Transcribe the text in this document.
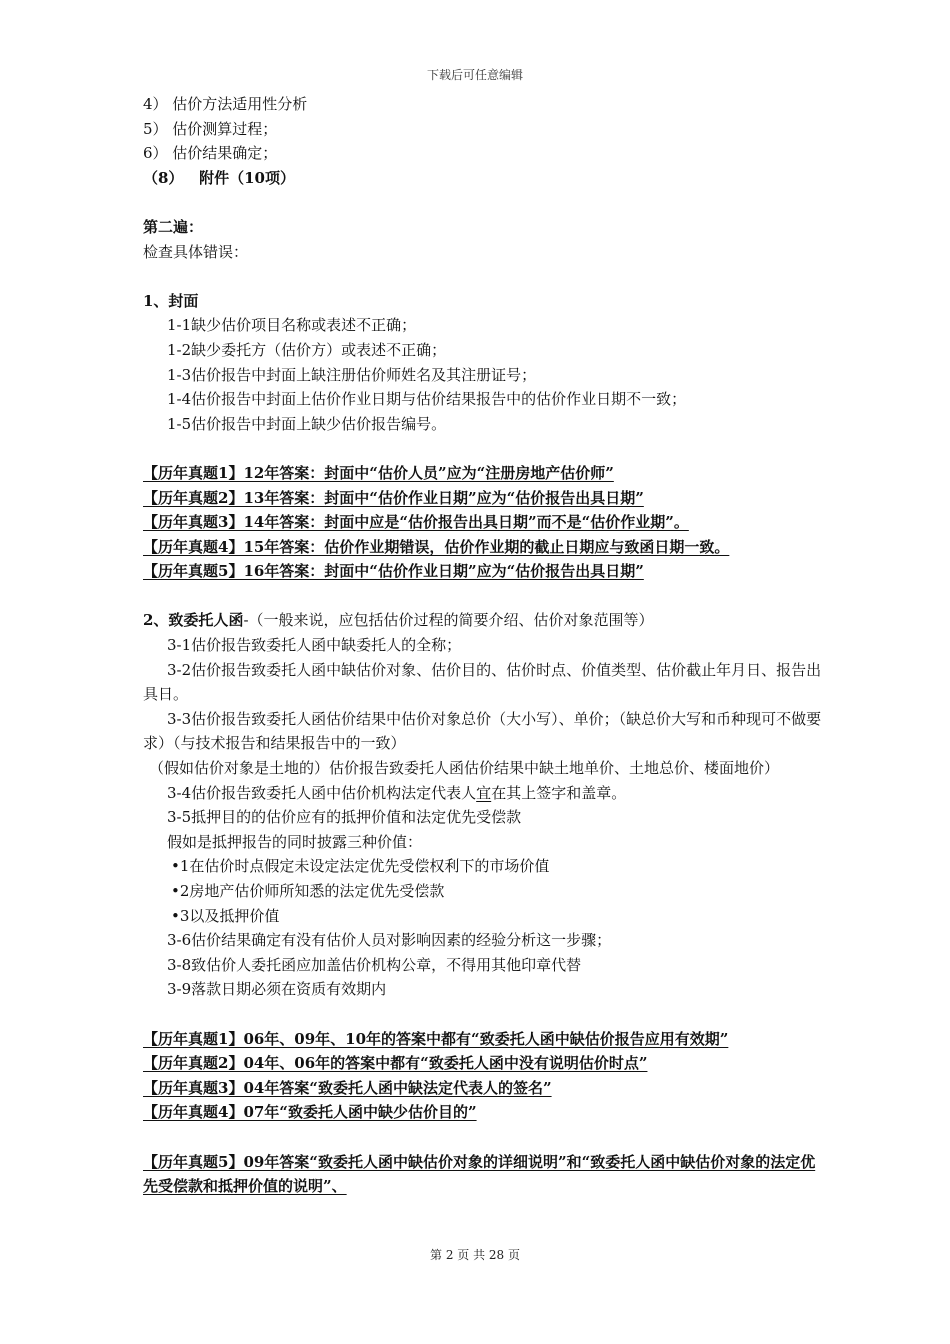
下载后可任意编辑
4） 估价方法适用性分析
5） 估价测算过程；
6） 估价结果确定；
（8）   附件（10项）
第二遍：
检查具体错误：
1、封面
1-1缺少估价项目名称或表述不正确；
1-2缺少委托方（估价方）或表述不正确；
1-3估价报告中封面上缺注册估价师姓名及其注册证号；
1-4估价报告中封面上估价作业日期与估价结果报告中的估价作业日期不一致；
1-5估价报告中封面上缺少估价报告编号。
【历年真题1】12年答案：封面中“估价人员”应为“注册房地产估价师”
【历年真题2】13年答案：封面中“估价作业日期”应为“估价报告出具日期”
【历年真题3】14年答案：封面中应是“估价报告出具日期”而不是“估价作业期”。
【历年真题4】15年答案：估价作业期错误，估价作业期的截止日期应与致函日期一致。
【历年真题5】16年答案：封面中“估价作业日期”应为“估价报告出具日期”
2、致委托人函-（一般来说，应包括估价过程的简要介绍、估价对象范围等）
3-1估价报告致委托人函中缺委托人的全称；
3-2估价报告致委托人函中缺估价对象、估价目的、估价时点、价值类型、估价截止年月日、报告出具日。
3-3估价报告致委托人函估价结果中估价对象总价（大小写）、单价；（缺总价大写和币种现可不做要求）（与技术报告和结果报告中的一致）
（假如估价对象是土地的）估价报告致委托人函估价结果中缺土地单价、土地总价、楼面地价）
3-4估价报告致委托人函中估价机构法定代表人宜在其上签字和盖章。
3-5抵押目的的估价应有的抵押价值和法定优先受偿款
假如是抵押报告的同时披露三种价值：
•1在估价时点假定未设定法定优先受偿权利下的市场价值
•2房地产估价师所知悉的法定优先受偿款
•3以及抵押价值
3-6估价结果确定有没有估价人员对影响因素的经验分析这一步骤；
3-8致估价人委托函应加盖估价机构公章，不得用其他印章代替
3-9落款日期必须在资质有效期内
【历年真题1】06年、09年、10年的答案中都有“致委托人函中缺估价报告应用有效期”
【历年真题2】04年、06年的答案中都有“致委托人函中没有说明估价时点”
【历年真题3】04年答案“致委托人函中缺法定代表人的签名”
【历年真题4】07年“致委托人函中缺少估价目的”
【历年真题5】09年答案“致委托人函中缺估价对象的详细说明”和“致委托人函中缺估价对象的法定优先受偿款和抵押价值的说明”、
第 2 页 共 28 页
